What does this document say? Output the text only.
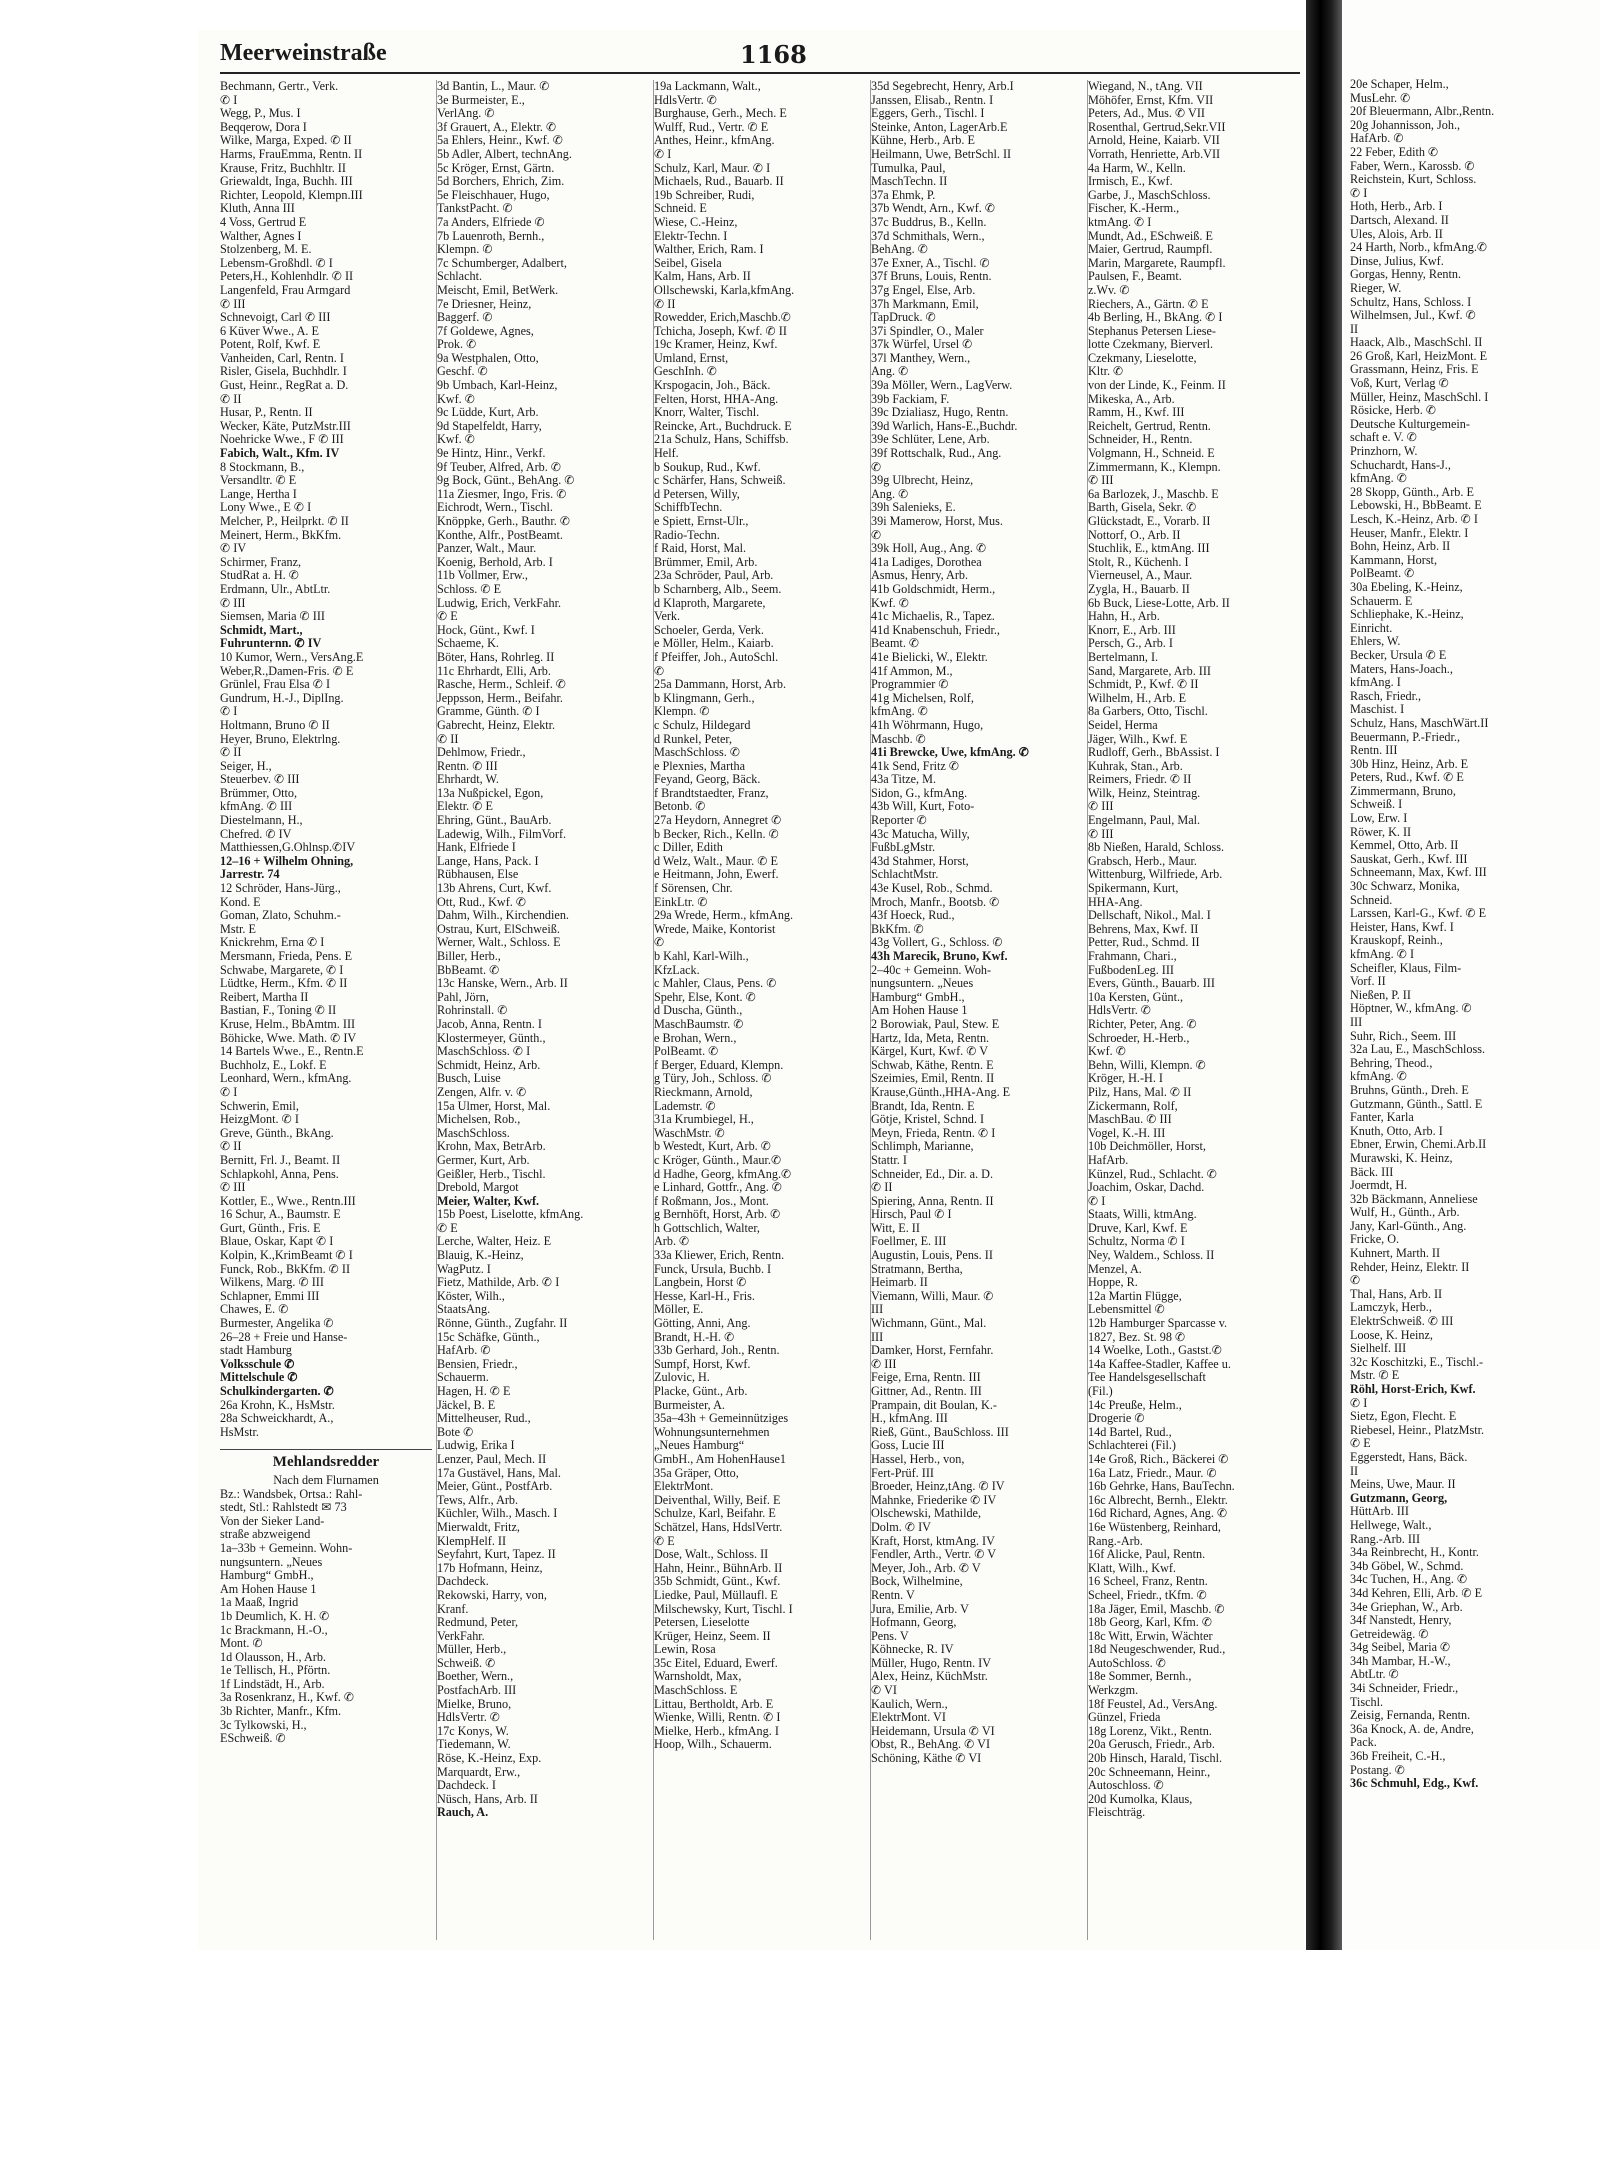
Meerweinstraße	1168
Bechmann, Gertr., Verk.
✆ I
Wegg, P., Mus. I
Beqqerow, Dora I
Wilke, Marga, Exped. ✆ II
Harms, FrauEmma, Rentn. II
Krause, Fritz, Buchhltr. II
Griewaldt, Inga, Buchh. III
Richter, Leopold, Klempn.III
Kluth, Anna III
4 Voss, Gertrud E
Walther, Agnes I
Stolzenberg, M. E.
Lebensm-Großhdl. ✆ I
Peters,H., Kohlenhdlr. ✆ II
Langenfeld, Frau Armgard
✆ III
Schnevoigt, Carl ✆ III
6 Küver Wwe., A. E
Potent, Rolf, Kwf. E
Vanheiden, Carl, Rentn. I
Risler, Gisela, Buchhdlr. I
Gust, Heinr., RegRat a. D.
✆ II
Husar, P., Rentn. II
Wecker, Käte, PutzMstr.III
Noehricke Wwe., F ✆ III
Fabich, Walt., Kfm. IV
8 Stockmann, B.,
Versandltr. ✆ E
Lange, Hertha I
Lony Wwe., E ✆ I
Melcher, P., Heilprkt. ✆ II
Meinert, Herm., BkKfm.
✆ IV
Schirmer, Franz,
StudRat a. H. ✆
Erdmann, Ulr., AbtLtr.
✆ III
Siemsen, Maria ✆ III
Schmidt, Mart.,
Fuhrunternn. ✆ IV
10 Kumor, Wern., VersAng.E
Weber,R.,Damen-Fris. ✆ E
Grünlel, Frau Elsa ✆ I
Gundrum, H.-J., DiplIng.
✆ I
Holtmann, Bruno ✆ II
Heyer, Bruno, Elektrlng.
✆ II
Seiger, H.,
Steuerbev. ✆ III
Brümmer, Otto,
kfmAng. ✆ III
Diestelmann, H.,
Chefred. ✆ IV
Matthiessen,G.Ohlnsp.✆IV
12–16 + Wilhelm Ohning,
Jarrestr. 74
12 Schröder, Hans-Jürg.,
Kond. E
Goman, Zlato, Schuhm.-
Mstr. E
Knickrehm, Erna ✆ I
Mersmann, Frieda, Pens. E
Schwabe, Margarete, ✆ I
Lüdtke, Herm., Kfm. ✆ II
Reibert, Martha II
Bastian, F., Toning ✆ II
Kruse, Helm., BbAmtm. III
Böhicke, Wwe. Math. ✆ IV
14 Bartels Wwe., E., Rentn.E
Buchholz, E., Lokf. E
Leonhard, Wern., kfmAng.
✆ I
Schwerin, Emil,
HeizgMont. ✆ I
Greve, Günth., BkAng.
✆ II
Bernitt, Frl. J., Beamt. II
Schlapkohl, Anna, Pens.
✆ III
Kottler, E., Wwe., Rentn.III
16 Schur, A., Baumstr. E
Gurt, Günth., Fris. E
Blaue, Oskar, Kapt ✆ I
Kolpin, K.,KrimBeamt ✆ I
Funck, Rob., BkKfm. ✆ II
Wilkens, Marg. ✆ III
Schlapner, Emmi III
Chawes, E. ✆
Burmester, Angelika ✆
26–28 + Freie und Hanse-
stadt Hamburg
Volksschule ✆
Mittelschule ✆
Schulkindergarten. ✆
26a Krohn, K., HsMstr.
28a Schweickhardt, A.,
HsMstr.
Mehlandsredder
Nach dem Flurnamen
Bz.: Wandsbek, Ortsa.: Rahl-
stedt, Stl.: Rahlstedt ✉ 73
Von der Sieker Land-
straße abzweigend
1a–33b + Gemeinn. Wohn-
nungsuntern. „Neues
Hamburg“ GmbH.,
Am Hohen Hause 1
1a Maaß, Ingrid
1b Deumlich, K. H. ✆
1c Brackmann, H.-O.,
Mont. ✆
1d Olausson, H., Arb.
1e Tellisch, H., Pförtn.
1f Lindstädt, H., Arb.
3a Rosenkranz, H., Kwf. ✆
3b Richter, Manfr., Kfm.
3c Tylkowski, H.,
ESchweiß. ✆
3d Bantin, L., Maur. ✆
3e Burmeister, E.,
VerlAng. ✆
3f Grauert, A., Elektr. ✆
5a Ehlers, Heinr., Kwf. ✆
5b Adler, Albert, technAng.
5c Kröger, Ernst, Gärtn.
5d Borchers, Ehrich, Zim.
5e Fleischhauer, Hugo,
TankstPacht. ✆
7a Anders, Elfriede ✆
7b Lauenroth, Bernh.,
Klempn. ✆
7c Schumberger, Adalbert,
Schlacht.
Meischt, Emil, BetWerk.
7e Driesner, Heinz,
Baggerf. ✆
7f Goldewe, Agnes,
Prok. ✆
9a Westphalen, Otto,
Geschf. ✆
9b Umbach, Karl-Heinz,
Kwf. ✆
9c Lüdde, Kurt, Arb.
9d Stapelfeldt, Harry,
Kwf. ✆
9e Hintz, Hinr., Verkf.
9f Teuber, Alfred, Arb. ✆
9g Bock, Günt., BehAng. ✆
11a Ziesmer, Ingo, Fris. ✆
Eichrodt, Wern., Tischl.
Knöppke, Gerh., Bauthr. ✆
Konthe, Alfr., PostBeamt.
Panzer, Walt., Maur.
Koenig, Berhold, Arb. I
11b Vollmer, Erw.,
Schloss. ✆ E
Ludwig, Erich, VerkFahr.
✆ E
Hock, Günt., Kwf. I
Schaeme, K.
Böter, Hans, Rohrleg. II
11c Ehrhardt, Elli, Arb.
Rasche, Herm., Schleif. ✆
Jeppsson, Herm., Beifahr.
Gramme, Günth. ✆ I
Gabrecht, Heinz, Elektr.
✆ II
Dehlmow, Friedr.,
Rentn. ✆ III
Ehrhardt, W.
13a Nußpickel, Egon,
Elektr. ✆ E
Ehring, Günt., BauArb.
Ladewig, Wilh., FilmVorf.
Hank, Elfriede I
Lange, Hans, Pack. I
Rübhausen, Else
13b Ahrens, Curt, Kwf.
Ott, Rud., Kwf. ✆
Dahm, Wilh., Kirchendien.
Ostrau, Kurt, ElSchweiß.
Werner, Walt., Schloss. E
Biller, Herb.,
BbBeamt. ✆
13c Hanske, Wern., Arb. II
Pahl, Jörn,
Rohrinstall. ✆
Jacob, Anna, Rentn. I
Klostermeyer, Günth.,
MaschSchloss. ✆ I
Schmidt, Heinz, Arb.
Busch, Luise
Zengen, Alfr. v. ✆
15a Ulmer, Horst, Mal.
Michelsen, Rob.,
MaschSchloss.
Krohn, Max, BetrArb.
Germer, Kurt, Arb.
Geißler, Herb., Tischl.
Drebold, Margot
Meier, Walter, Kwf.
15b Poest, Liselotte, kfmAng.
✆ E
Lerche, Walter, Heiz. E
Blauig, K.-Heinz,
WagPutz. I
Fietz, Mathilde, Arb. ✆ I
Köster, Wilh.,
StaatsAng.
Rönne, Günth., Zugfahr. II
15c Schäfke, Günth.,
HafArb. ✆
Bensien, Friedr.,
Schauerm.
Hagen, H. ✆ E
Jäckel, B. E
Mittelheuser, Rud.,
Bote ✆
Ludwig, Erika I
Lenzer, Paul, Mech. II
17a Gustävel, Hans, Mal.
Meier, Günt., PostfArb.
Tews, Alfr., Arb.
Küchler, Wilh., Masch. I
Mierwaldt, Fritz,
KlempHelf. II
Seyfahrt, Kurt, Tapez. II
17b Hofmann, Heinz,
Dachdeck.
Rekowski, Harry, von,
Kranf.
Redmund, Peter,
VerkFahr.
Müller, Herb.,
Schweiß. ✆
Boether, Wern.,
PostfachArb. III
Mielke, Bruno,
HdlsVertr. ✆
17c Konys, W.
Tiedemann, W.
Röse, K.-Heinz, Exp.
Marquardt, Erw.,
Dachdeck. I
Nüsch, Hans, Arb. II
Rauch, A.
19a Lackmann, Walt.,
HdlsVertr. ✆
Burghause, Gerh., Mech. E
Wulff, Rud., Vertr. ✆ E
Anthes, Heinr., kfmAng.
✆ I
Schulz, Karl, Maur. ✆ I
Michaels, Rud., Bauarb. II
19b Schreiber, Rudi,
Schneid. E
Wiese, C.-Heinz,
Elektr-Techn. I
Walther, Erich, Ram. I
Seibel, Gisela
Kalm, Hans, Arb. II
Ollschewski, Karla,kfmAng.
✆ II
Rowedder, Erich,Maschb.✆
Tchicha, Joseph, Kwf. ✆ II
19c Kramer, Heinz, Kwf.
Umland, Ernst,
GeschInh. ✆
Krspogacin, Joh., Bäck.
Felten, Horst, HHA-Ang.
Knorr, Walter, Tischl.
Reincke, Art., Buchdruck. E
21a Schulz, Hans, Schiffsb.
Helf.
b Soukup, Rud., Kwf.
c Schärfer, Hans, Schweiß.
d Petersen, Willy,
SchiffbTechn.
e Spiett, Ernst-Ulr.,
Radio-Techn.
f Raid, Horst, Mal.
Brümmer, Emil, Arb.
23a Schröder, Paul, Arb.
b Scharnberg, Alb., Seem.
d Klaproth, Margarete,
Verk.
Schoeler, Gerda, Verk.
e Möller, Helm., Kaiarb.
f Pfeiffer, Joh., AutoSchl.
✆
25a Dammann, Horst, Arb.
b Klingmann, Gerh.,
Klempn. ✆
c Schulz, Hildegard
d Runkel, Peter,
MaschSchloss. ✆
e Plexnies, Martha
Feyand, Georg, Bäck.
f Brandtstaedter, Franz,
Betonb. ✆
27a Heydorn, Annegret ✆
b Becker, Rich., Kelln. ✆
c Diller, Edith
d Welz, Walt., Maur. ✆ E
e Heitmann, John, Ewerf.
f Sörensen, Chr.
EinkLtr. ✆
29a Wrede, Herm., kfmAng.
Wrede, Maike, Kontorist
✆
b Kahl, Karl-Wilh.,
KfzLack.
c Mahler, Claus, Pens. ✆
Spehr, Else, Kont. ✆
d Duscha, Günth.,
MaschBaumstr. ✆
e Brohan, Wern.,
PolBeamt. ✆
f Berger, Eduard, Klempn.
g Türy, Joh., Schloss. ✆
Rieckmann, Arnold,
Lademstr. ✆
31a Krumbiegel, H.,
WaschMstr. ✆
b Westedt, Kurt, Arb. ✆
c Kröger, Günth., Maur.✆
d Hadhe, Georg, kfmAng.✆
e Linhard, Gottfr., Ang. ✆
f Roßmann, Jos., Mont.
g Bernhöft, Horst, Arb. ✆
h Gottschlich, Walter,
Arb. ✆
33a Kliewer, Erich, Rentn.
Funck, Ursula, Buchb. I
Langbein, Horst ✆
Hesse, Karl-H., Fris.
Möller, E.
Götting, Anni, Ang.
Brandt, H.-H. ✆
33b Gerhard, Joh., Rentn.
Sumpf, Horst, Kwf.
Zulovic, H.
Placke, Günt., Arb.
Burmeister, A.
35a–43h + Gemeinnütziges
Wohnungsunternehmen
„Neues Hamburg“
GmbH., Am HohenHause1
35a Gräper, Otto,
ElektrMont.
Deiventhal, Willy, Beif. E
Schulze, Karl, Beifahr. E
Schätzel, Hans, HdslVertr.
✆ E
Dose, Walt., Schloss. II
Hahn, Heinr., BühnArb. II
35b Schmidt, Günt., Kwf.
Liedke, Paul, Müllaufl. E
Milschewsky, Kurt, Tischl. I
Petersen, Lieselotte
Krüger, Heinz, Seem. II
Lewin, Rosa
35c Eitel, Eduard, Ewerf.
Warnsholdt, Max,
MaschSchloss. E
Littau, Bertholdt, Arb. E
Wienke, Willi, Rentn. ✆ I
Mielke, Herb., kfmAng. I
Hoop, Wilh., Schauerm.
35d Segebrecht, Henry, Arb.I
Janssen, Elisab., Rentn. I
Eggers, Gerh., Tischl. I
Steinke, Anton, LagerArb.E
Kühne, Herb., Arb. E
Heilmann, Uwe, BetrSchl. II
Tumulka, Paul,
MaschTechn. II
37a Ehmk, P.
37b Wendt, Arn., Kwf. ✆
37c Buddrus, B., Kelln.
37d Schmithals, Wern.,
BehAng. ✆
37e Exner, A., Tischl. ✆
37f Bruns, Louis, Rentn.
37g Engel, Else, Arb.
37h Markmann, Emil,
TapDruck. ✆
37i Spindler, O., Maler
37k Würfel, Ursel ✆
37l Manthey, Wern.,
Ang. ✆
39a Möller, Wern., LagVerw.
39b Fackiam, F.
39c Dzialiasz, Hugo, Rentn.
39d Warlich, Hans-E.,Buchdr.
39e Schlüter, Lene, Arb.
39f Rottschalk, Rud., Ang.
✆
39g Ulbrecht, Heinz,
Ang. ✆
39h Salenieks, E.
39i Mamerow, Horst, Mus.
✆
39k Holl, Aug., Ang. ✆
41a Ladiges, Dorothea
Asmus, Henry, Arb.
41b Goldschmidt, Herm.,
Kwf. ✆
41c Michaelis, R., Tapez.
41d Knabenschuh, Friedr.,
Beamt. ✆
41e Bielicki, W., Elektr.
41f Ammon, M.,
Programmier ✆
41g Michelsen, Rolf,
kfmAng. ✆
41h Wöhrmann, Hugo,
Maschb. ✆
41i Brewcke, Uwe, kfmAng. ✆
41k Send, Fritz ✆
43a Titze, M.
Sidon, G., kfmAng.
43b Will, Kurt, Foto-
Reporter ✆
43c Matucha, Willy,
FußbLgMstr.
43d Stahmer, Horst,
SchlachtMstr.
43e Kusel, Rob., Schmd.
Mroch, Manfr., Bootsb. ✆
43f Hoeck, Rud.,
BkKfm. ✆
43g Vollert, G., Schloss. ✆
43h Marecik, Bruno, Kwf.
2–40c + Gemeinn. Woh-
nungsuntern. „Neues
Hamburg“ GmbH.,
Am Hohen Hause 1
2 Borowiak, Paul, Stew. E
Hartz, Ida, Meta, Rentn.
Kärgel, Kurt, Kwf. ✆ V
Schwab, Käthe, Rentn. E
Szeimies, Emil, Rentn. II
Krause,Günth.,HHA-Ang. E
Brandt, Ida, Rentn. E
Götje, Kristel, Schnd. I
Meyn, Frieda, Rentn. ✆ I
Schlimph, Marianne,
Stattr. I
Schneider, Ed., Dir. a. D.
✆ II
Spiering, Anna, Rentn. II
Hirsch, Paul ✆ I
Witt, E. II
Foellmer, E. III
Augustin, Louis, Pens. II
Stratmann, Bertha,
Heimarb. II
Viemann, Willi, Maur. ✆
III
Wichmann, Günt., Mal.
III
Damker, Horst, Fernfahr.
✆ III
Feige, Erna, Rentn. III
Gittner, Ad., Rentn. III
Prampain, dit Boulan, K.-
H., kfmAng. III
Rieß, Günt., BauSchloss. III
Goss, Lucie III
Hassel, Herb., von,
Fert-Prüf. III
Broeder, Heinz,tAng. ✆ IV
Mahnke, Friederike ✆ IV
Olschewski, Mathilde,
Dolm. ✆ IV
Kraft, Horst, ktmAng. IV
Fendler, Arth., Vertr. ✆ V
Meyer, Joh., Arb. ✆ V
Bock, Wilhelmine,
Rentn. V
Jura, Emilie, Arb. V
Hofmann, Georg,
Pens. V
Köhnecke, R. IV
Müller, Hugo, Rentn. IV
Alex, Heinz, KüchMstr.
✆ VI
Kaulich, Wern.,
ElektrMont. VI
Heidemann, Ursula ✆ VI
Obst, R., BehAng. ✆ VI
Schöning, Käthe ✆ VI
Wiegand, N., tAng. VII
Möhöfer, Ernst, Kfm. VII
Peters, Ad., Mus. ✆ VII
Rosenthal, Gertrud,Sekr.VII
Arnold, Heine, Kaiarb. VII
Vorrath, Henriette, Arb.VII
4a Harm, W., Kelln.
Irmisch, E., Kwf.
Garbe, J., MaschSchloss.
Fischer, K.-Herm.,
ktmAng. ✆ I
Mundt, Ad., ESchweiß. E
Maier, Gertrud, Raumpfl.
Marin, Margarete, Raumpfl.
Paulsen, F., Beamt.
z.Wv. ✆
Riechers, A., Gärtn. ✆ E
4b Berling, H., BkAng. ✆ I
Stephanus Petersen Liese-
lotte Czekmany, Bierverl.
Czekmany, Lieselotte,
Kltr. ✆
von der Linde, K., Feinm. II
Mikeska, A., Arb.
Ramm, H., Kwf. III
Reichelt, Gertrud, Rentn.
Schneider, H., Rentn.
Volgmann, H., Schneid. E
Zimmermann, K., Klempn.
✆ III
6a Barlozek, J., Maschb. E
Barth, Gisela, Sekr. ✆
Glückstadt, E., Vorarb. II
Nottorf, O., Arb. II
Stuchlik, E., ktmAng. III
Stolt, R., Küchenh. I
Vierneusel, A., Maur.
Zygla, H., Bauarb. II
6b Buck, Liese-Lotte, Arb. II
Hahn, H., Arb.
Knorr, E., Arb. III
Persch, G., Arb. I
Bertelmann, I.
Sand, Margarete, Arb. III
Schmidt, P., Kwf. ✆ II
Wilhelm, H., Arb. E
8a Garbers, Otto, Tischl.
Seidel, Herma
Jäger, Wilh., Kwf. E
Rudloff, Gerh., BbAssist. I
Kuhrak, Stan., Arb.
Reimers, Friedr. ✆ II
Wilk, Heinz, Steintrag.
✆ III
Engelmann, Paul, Mal.
✆ III
8b Nießen, Harald, Schloss.
Grabsch, Herb., Maur.
Wittenburg, Wilfriede, Arb.
Spikermann, Kurt,
HHA-Ang.
Dellschaft, Nikol., Mal. I
Behrens, Max, Kwf. II
Petter, Rud., Schmd. II
Frahmann, Chari.,
FußbodenLeg. III
Evers, Günth., Bauarb. III
10a Kersten, Günt.,
HdlsVertr. ✆
Richter, Peter, Ang. ✆
Schroeder, H.-Herb.,
Kwf. ✆
Behn, Willi, Klempn. ✆
Kröger, H.-H. I
Pilz, Hans, Mal. ✆ II
Zickermann, Rolf,
MaschBau. ✆ III
Vogel, K.-H. III
10b Deichmöller, Horst,
HafArb.
Künzel, Rud., Schlacht. ✆
Joachim, Oskar, Dachd.
✆ I
Staats, Willi, ktmAng.
Druve, Karl, Kwf. E
Schultz, Norma ✆ I
Ney, Waldem., Schloss. II
Menzel, A.
Hoppe, R.
12a Martin Flügge,
Lebensmittel ✆
12b Hamburger Sparcasse v.
1827, Bez. St. 98 ✆
14 Woelke, Loth., Gastst.✆
14a Kaffee-Stadler, Kaffee u.
Tee Handelsgesellschaft
(Fil.)
14c Preuße, Helm.,
Drogerie ✆
14d Bartel, Rud.,
Schlachterei (Fil.)
14e Groß, Rich., Bäckerei ✆
16a Latz, Friedr., Maur. ✆
16b Gehrke, Hans, BauTechn.
16c Albrecht, Bernh., Elektr.
16d Richard, Agnes, Ang. ✆
16e Wüstenberg, Reinhard,
Rang.-Arb.
16f Alicke, Paul, Rentn.
Klatt, Wilh., Kwf.
16 Scheel, Franz, Rentn.
Scheel, Friedr., tKfm. ✆
18a Jäger, Emil, Maschb. ✆
18b Georg, Karl, Kfm. ✆
18c Witt, Erwin, Wächter
18d Neugeschwender, Rud.,
AutoSchloss. ✆
18e Sommer, Bernh.,
Werkzgm.
18f Feustel, Ad., VersAng.
Günzel, Frieda
18g Lorenz, Vikt., Rentn.
20a Gerusch, Friedr., Arb.
20b Hinsch, Harald, Tischl.
20c Schneemann, Heinr.,
Autoschloss. ✆
20d Kumolka, Klaus,
Fleischträg.
20e Schaper, Helm.,
MusLehr. ✆
20f Bleuermann, Albr.,Rentn.
20g Johannisson, Joh.,
HafArb. ✆
22 Feber, Edith ✆
Faber, Wern., Karossb. ✆
Reichstein, Kurt, Schloss.
✆ I
Hoth, Herb., Arb. I
Dartsch, Alexand. II
Ules, Alois, Arb. II
24 Harth, Norb., kfmAng.✆
Dinse, Julius, Kwf.
Gorgas, Henny, Rentn.
Rieger, W.
Schultz, Hans, Schloss. I
Wilhelmsen, Jul., Kwf. ✆
II
Haack, Alb., MaschSchl. II
26 Groß, Karl, HeizMont. E
Grassmann, Heinz, Fris. E
Voß, Kurt, Verlag ✆
Müller, Heinz, MaschSchl. I
Rösicke, Herb. ✆
Deutsche Kulturgemein-
schaft e. V. ✆
Prinzhorn, W.
Schuchardt, Hans-J.,
kfmAng. ✆
28 Skopp, Günth., Arb. E
Lebowski, H., BbBeamt. E
Lesch, K.-Heinz, Arb. ✆ I
Heuser, Manfr., Elektr. I
Bohn, Heinz, Arb. II
Kammann, Horst,
PolBeamt. ✆
30a Ebeling, K.-Heinz,
Schauerm. E
Schliephake, K.-Heinz,
Einricht.
Ehlers, W.
Becker, Ursula ✆ E
Maters, Hans-Joach.,
kfmAng. I
Rasch, Friedr.,
Maschist. I
Schulz, Hans, MaschWärt.II
Beuermann, P.-Friedr.,
Rentn. III
30b Hinz, Heinz, Arb. E
Peters, Rud., Kwf. ✆ E
Zimmermann, Bruno,
Schweiß. I
Low, Erw. I
Röwer, K. II
Kemmel, Otto, Arb. II
Sauskat, Gerh., Kwf. III
Schneemann, Max, Kwf. III
30c Schwarz, Monika,
Schneid.
Larssen, Karl-G., Kwf. ✆ E
Heister, Hans, Kwf. I
Krauskopf, Reinh.,
kfmAng. ✆ I
Scheifler, Klaus, Film-
Vorf. II
Nießen, P. II
Höptner, W., kfmAng. ✆
III
Suhr, Rich., Seem. III
32a Lau, E., MaschSchloss.
Behring, Theod.,
kfmAng. ✆
Bruhns, Günth., Dreh. E
Gutzmann, Günth., Sattl. E
Fanter, Karla
Knuth, Otto, Arb. I
Ebner, Erwin, Chemi.Arb.II
Murawski, K. Heinz,
Bäck. III
Joermdt, H.
32b Bäckmann, Anneliese
Wulf, H., Günth., Arb.
Jany, Karl-Günth., Ang.
Fricke, O.
Kuhnert, Marth. II
Rehder, Heinz, Elektr. II
✆
Thal, Hans, Arb. II
Lamczyk, Herb.,
ElektrSchweiß. ✆ III
Loose, K. Heinz,
Sielhelf. III
32c Koschitzki, E., Tischl.-
Mstr. ✆ E
Röhl, Horst-Erich, Kwf.
✆ I
Sietz, Egon, Flecht. E
Riebesel, Heinr., PlatzMstr.
✆ E
Eggerstedt, Hans, Bäck.
II
Meins, Uwe, Maur. II
Gutzmann, Georg,
HüttArb. III
Hellwege, Walt.,
Rang.-Arb. III
34a Reinbrecht, H., Kontr.
34b Göbel, W., Schmd.
34c Tuchen, H., Ang. ✆
34d Kehren, Elli, Arb. ✆ E
34e Griephan, W., Arb.
34f Nanstedt, Henry,
Getreidewäg. ✆
34g Seibel, Maria ✆
34h Mambar, H.-W.,
AbtLtr. ✆
34i Schneider, Friedr.,
Tischl.
Zeisig, Fernanda, Rentn.
36a Knock, A. de, Andre,
Pack.
36b Freiheit, C.-H.,
Postang. ✆
36c Schmuhl, Edg., Kwf.
